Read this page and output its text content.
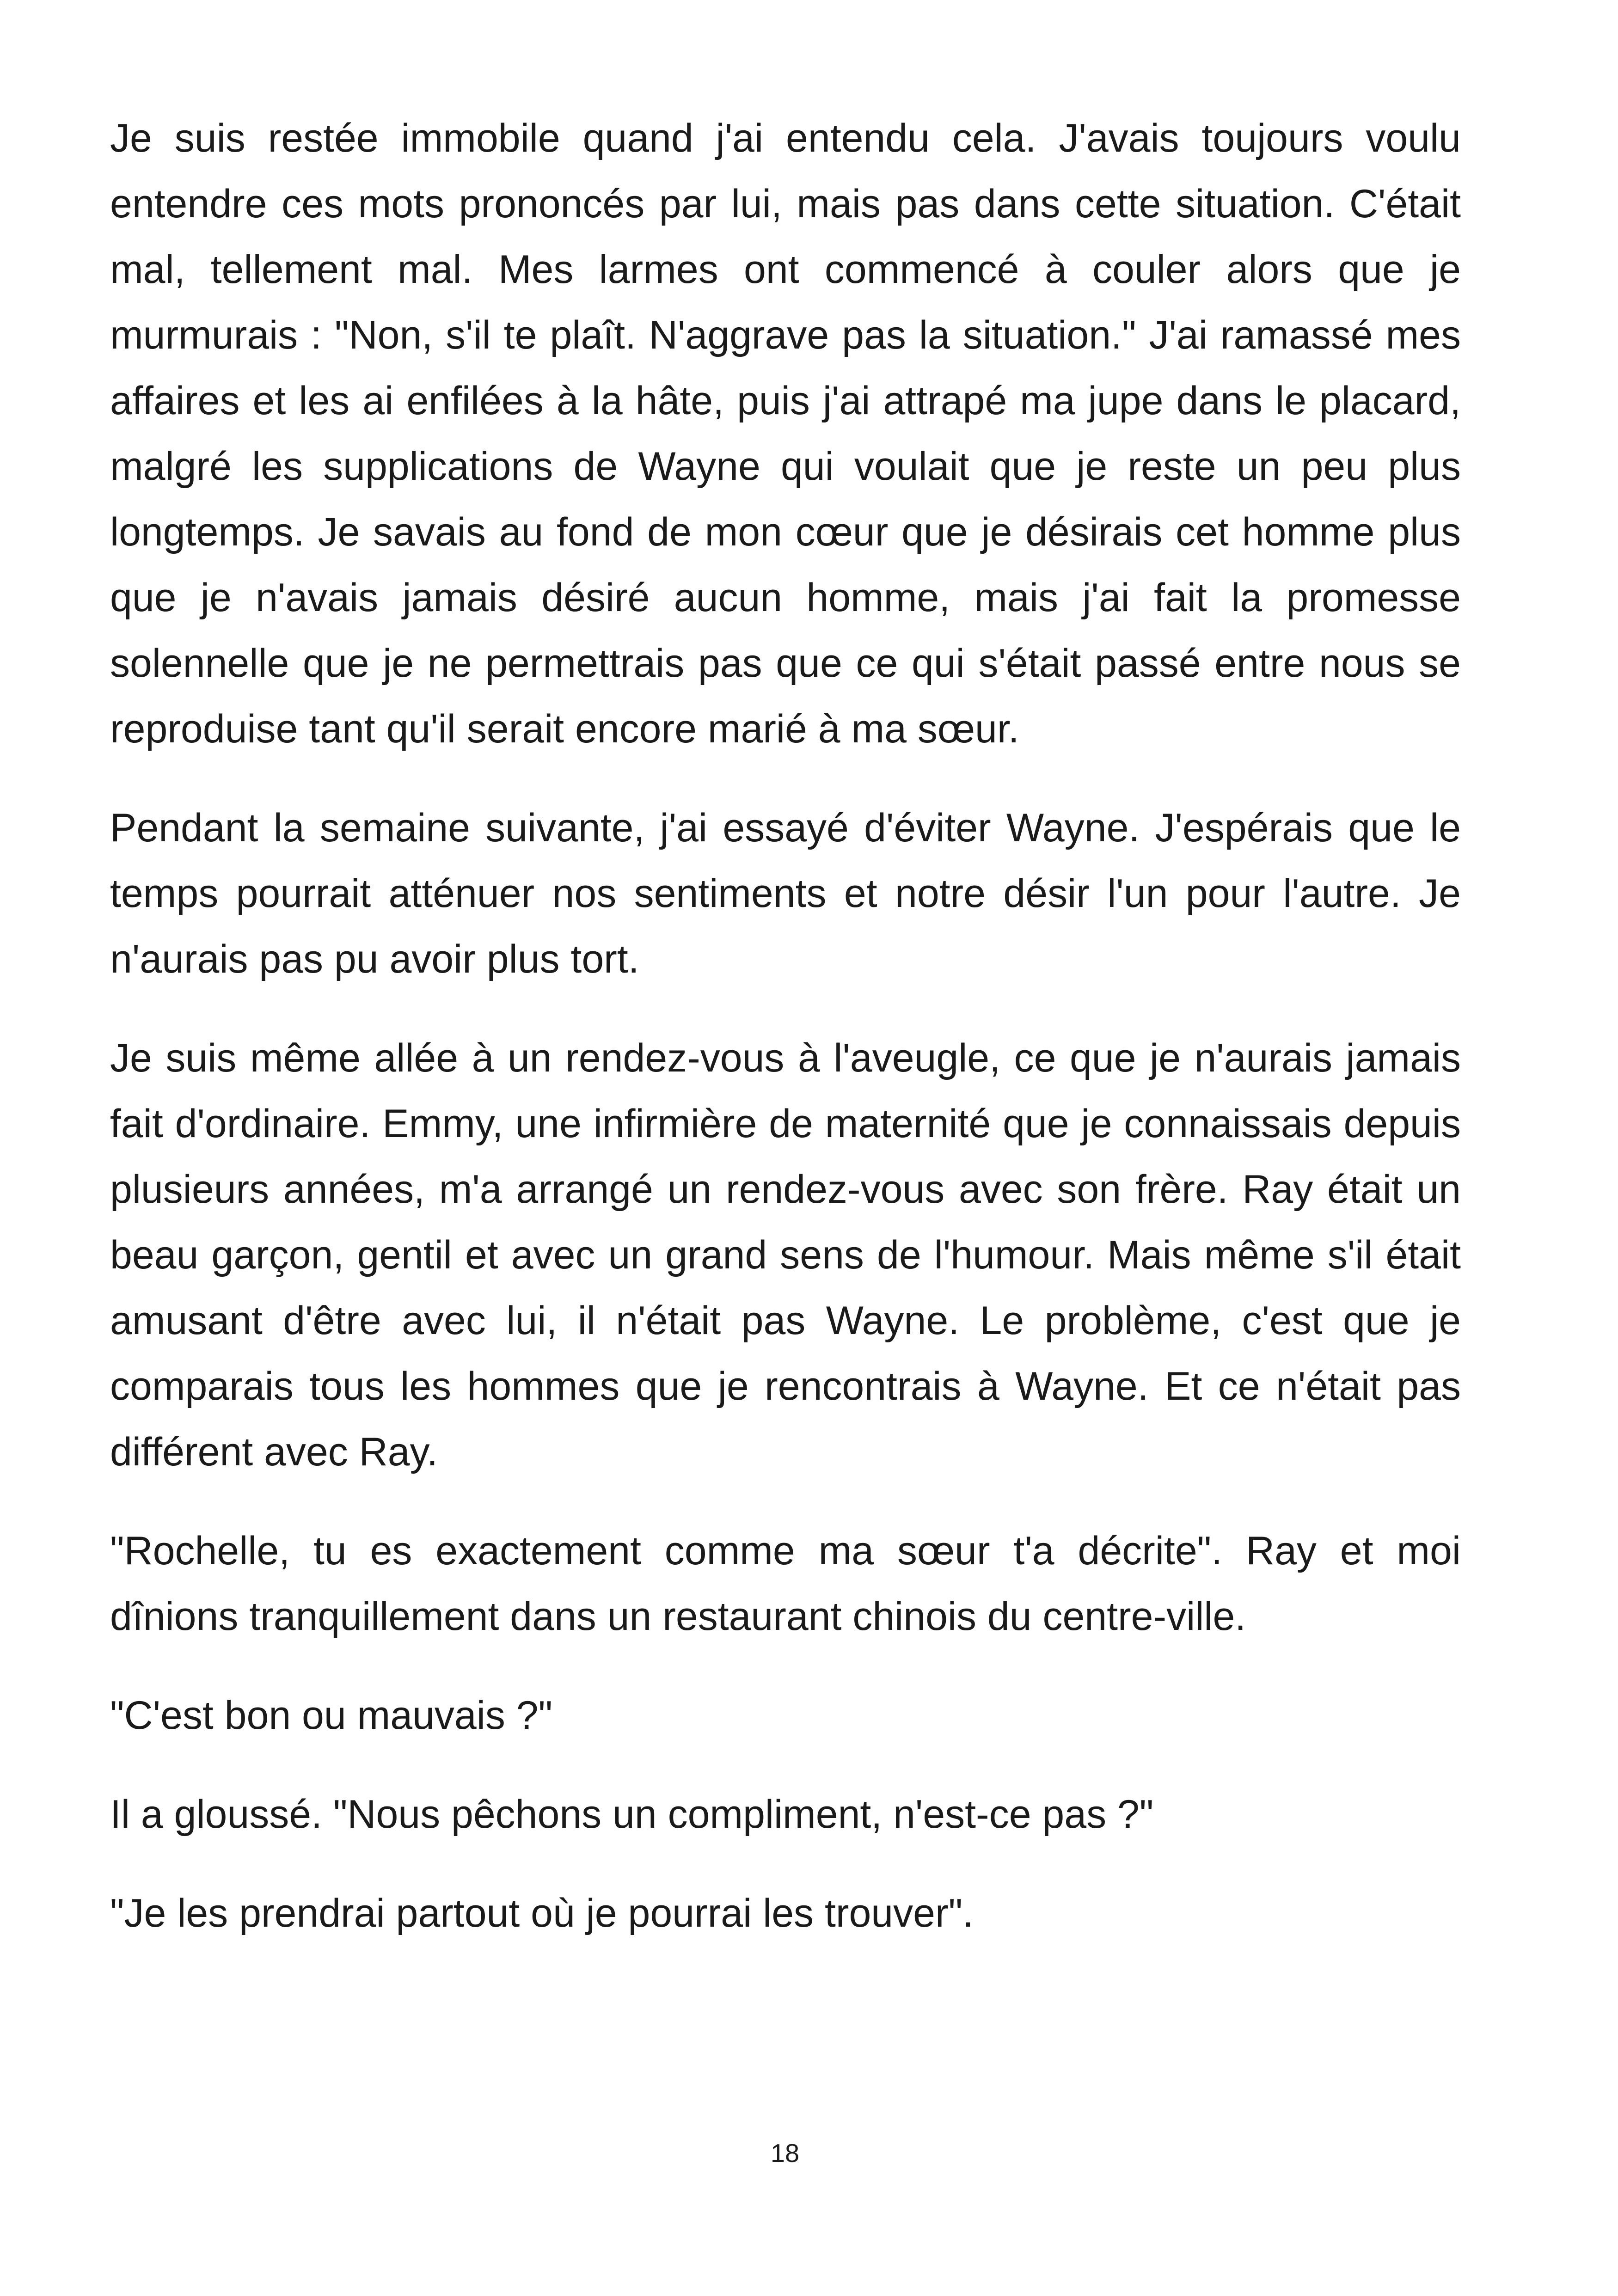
Je suis restée immobile quand j'ai entendu cela. J'avais toujours voulu entendre ces mots prononcés par lui, mais pas dans cette situation. C'était mal, tellement mal. Mes larmes ont commencé à couler alors que je murmurais : "Non, s'il te plaît. N'aggrave pas la situation." J'ai ramassé mes affaires et les ai enfilées à la hâte, puis j'ai attrapé ma jupe dans le placard, malgré les supplications de Wayne qui voulait que je reste un peu plus longtemps. Je savais au fond de mon cœur que je désirais cet homme plus que je n'avais jamais désiré aucun homme, mais j'ai fait la promesse solennelle que je ne permettrais pas que ce qui s'était passé entre nous se reproduise tant qu'il serait encore marié à ma sœur.

Pendant la semaine suivante, j'ai essayé d'éviter Wayne. J'espérais que le temps pourrait atténuer nos sentiments et notre désir l'un pour l'autre. Je n'aurais pas pu avoir plus tort.

Je suis même allée à un rendez-vous à l'aveugle, ce que je n'aurais jamais fait d'ordinaire. Emmy, une infirmière de maternité que je connaissais depuis plusieurs années, m'a arrangé un rendez-vous avec son frère. Ray était un beau garçon, gentil et avec un grand sens de l'humour. Mais même s'il était amusant d'être avec lui, il n'était pas Wayne. Le problème, c'est que je comparais tous les hommes que je rencontrais à Wayne. Et ce n'était pas différent avec Ray.

"Rochelle, tu es exactement comme ma sœur t'a décrite". Ray et moi dînions tranquillement dans un restaurant chinois du centre-ville.

"C'est bon ou mauvais ?"

Il a gloussé. "Nous pêchons un compliment, n'est-ce pas ?"

"Je les prendrai partout où je pourrai les trouver".

18
